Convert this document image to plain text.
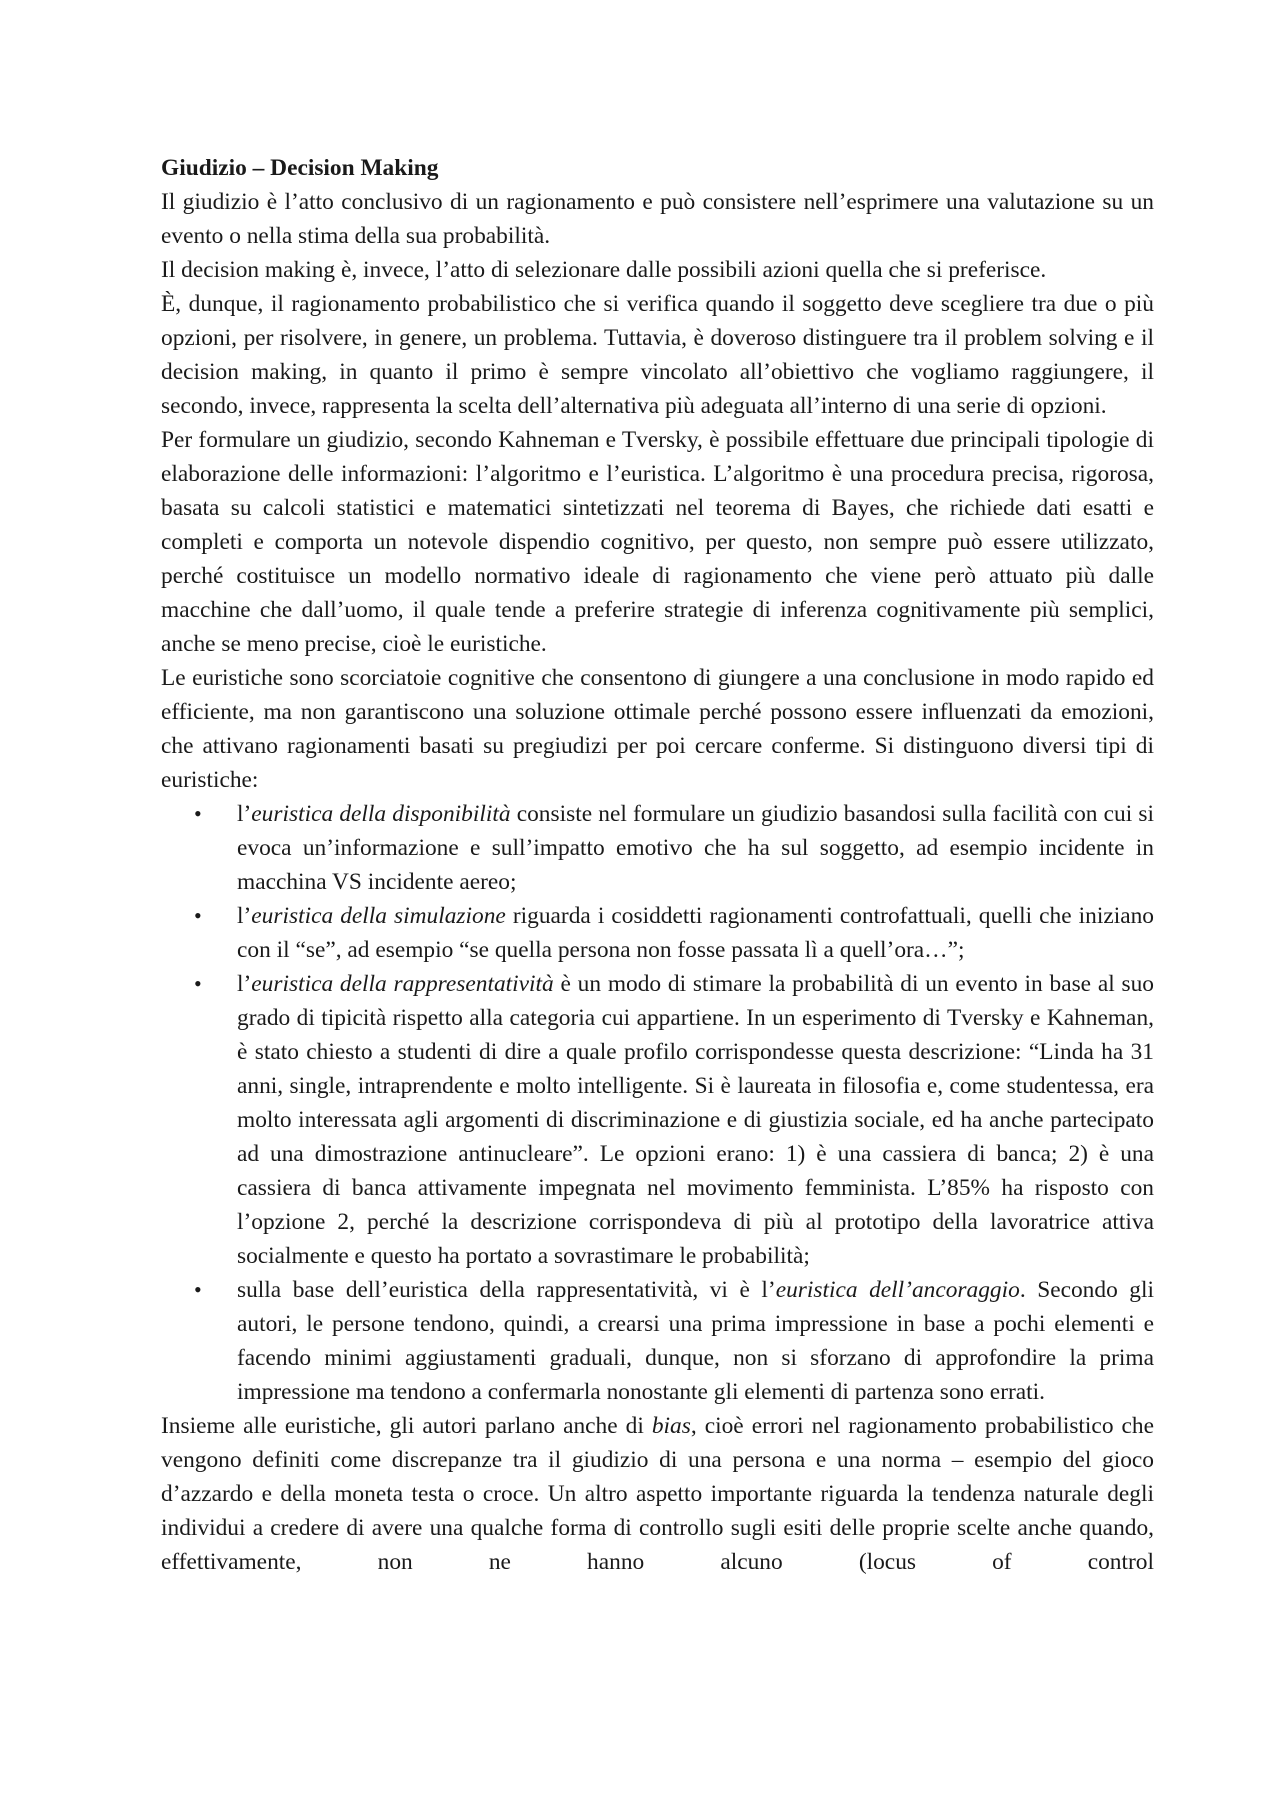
Giudizio – Decision Making

Il giudizio è l’atto conclusivo di un ragionamento e può consistere nell’esprimere una valutazione su un evento o nella stima della sua probabilità.

Il decision making è, invece, l’atto di selezionare dalle possibili azioni quella che si preferisce.

È, dunque, il ragionamento probabilistico che si verifica quando il soggetto deve scegliere tra due o più opzioni, per risolvere, in genere, un problema. Tuttavia, è doveroso distinguere tra il problem solving e il decision making, in quanto il primo è sempre vincolato all’obiettivo che vogliamo raggiungere, il secondo, invece, rappresenta la scelta dell’alternativa più adeguata all’interno di una serie di opzioni.

Per formulare un giudizio, secondo Kahneman e Tversky, è possibile effettuare due principali tipologie di elaborazione delle informazioni: l’algoritmo e l’euristica. L’algoritmo è una procedura precisa, rigorosa, basata su calcoli statistici e matematici sintetizzati nel teorema di Bayes, che richiede dati esatti e completi e comporta un notevole dispendio cognitivo, per questo, non sempre può essere utilizzato, perché costituisce un modello normativo ideale di ragionamento che viene però attuato più dalle macchine che dall’uomo, il quale tende a preferire strategie di inferenza cognitivamente più semplici, anche se meno precise, cioè le euristiche.

Le euristiche sono scorciatoie cognitive che consentono di giungere a una conclusione in modo rapido ed efficiente, ma non garantiscono una soluzione ottimale perché possono essere influenzati da emozioni, che attivano ragionamenti basati su pregiudizi per poi cercare conferme. Si distinguono diversi tipi di euristiche:

• l’euristica della disponibilità consiste nel formulare un giudizio basandosi sulla facilità con cui si evoca un’informazione e sull’impatto emotivo che ha sul soggetto, ad esempio incidente in macchina VS incidente aereo;
• l’euristica della simulazione riguarda i cosiddetti ragionamenti controfattuali, quelli che iniziano con il “se”, ad esempio “se quella persona non fosse passata lì a quell’ora…”;
• l’euristica della rappresentatività è un modo di stimare la probabilità di un evento in base al suo grado di tipicità rispetto alla categoria cui appartiene. In un esperimento di Tversky e Kahneman, è stato chiesto a studenti di dire a quale profilo corrispondesse questa descrizione: “Linda ha 31 anni, single, intraprendente e molto intelligente. Si è laureata in filosofia e, come studentessa, era molto interessata agli argomenti di discriminazione e di giustizia sociale, ed ha anche partecipato ad una dimostrazione antinucleare”. Le opzioni erano: 1) è una cassiera di banca; 2) è una cassiera di banca attivamente impegnata nel movimento femminista. L’85% ha risposto con l’opzione 2, perché la descrizione corrispondeva di più al prototipo della lavoratrice attiva socialmente e questo ha portato a sovrastimare le probabilità;
• sulla base dell’euristica della rappresentatività, vi è l’euristica dell’ancoraggio. Secondo gli autori, le persone tendono, quindi, a crearsi una prima impressione in base a pochi elementi e facendo minimi aggiustamenti graduali, dunque, non si sforzano di approfondire la prima impressione ma tendono a confermarla nonostante gli elementi di partenza sono errati.

Insieme alle euristiche, gli autori parlano anche di bias, cioè errori nel ragionamento probabilistico che vengono definiti come discrepanze tra il giudizio di una persona e una norma – esempio del gioco d’azzardo e della moneta testa o croce. Un altro aspetto importante riguarda la tendenza naturale degli individui a credere di avere una qualche forma di controllo sugli esiti delle proprie scelte anche quando, effettivamente, non ne hanno alcuno (locus of control
